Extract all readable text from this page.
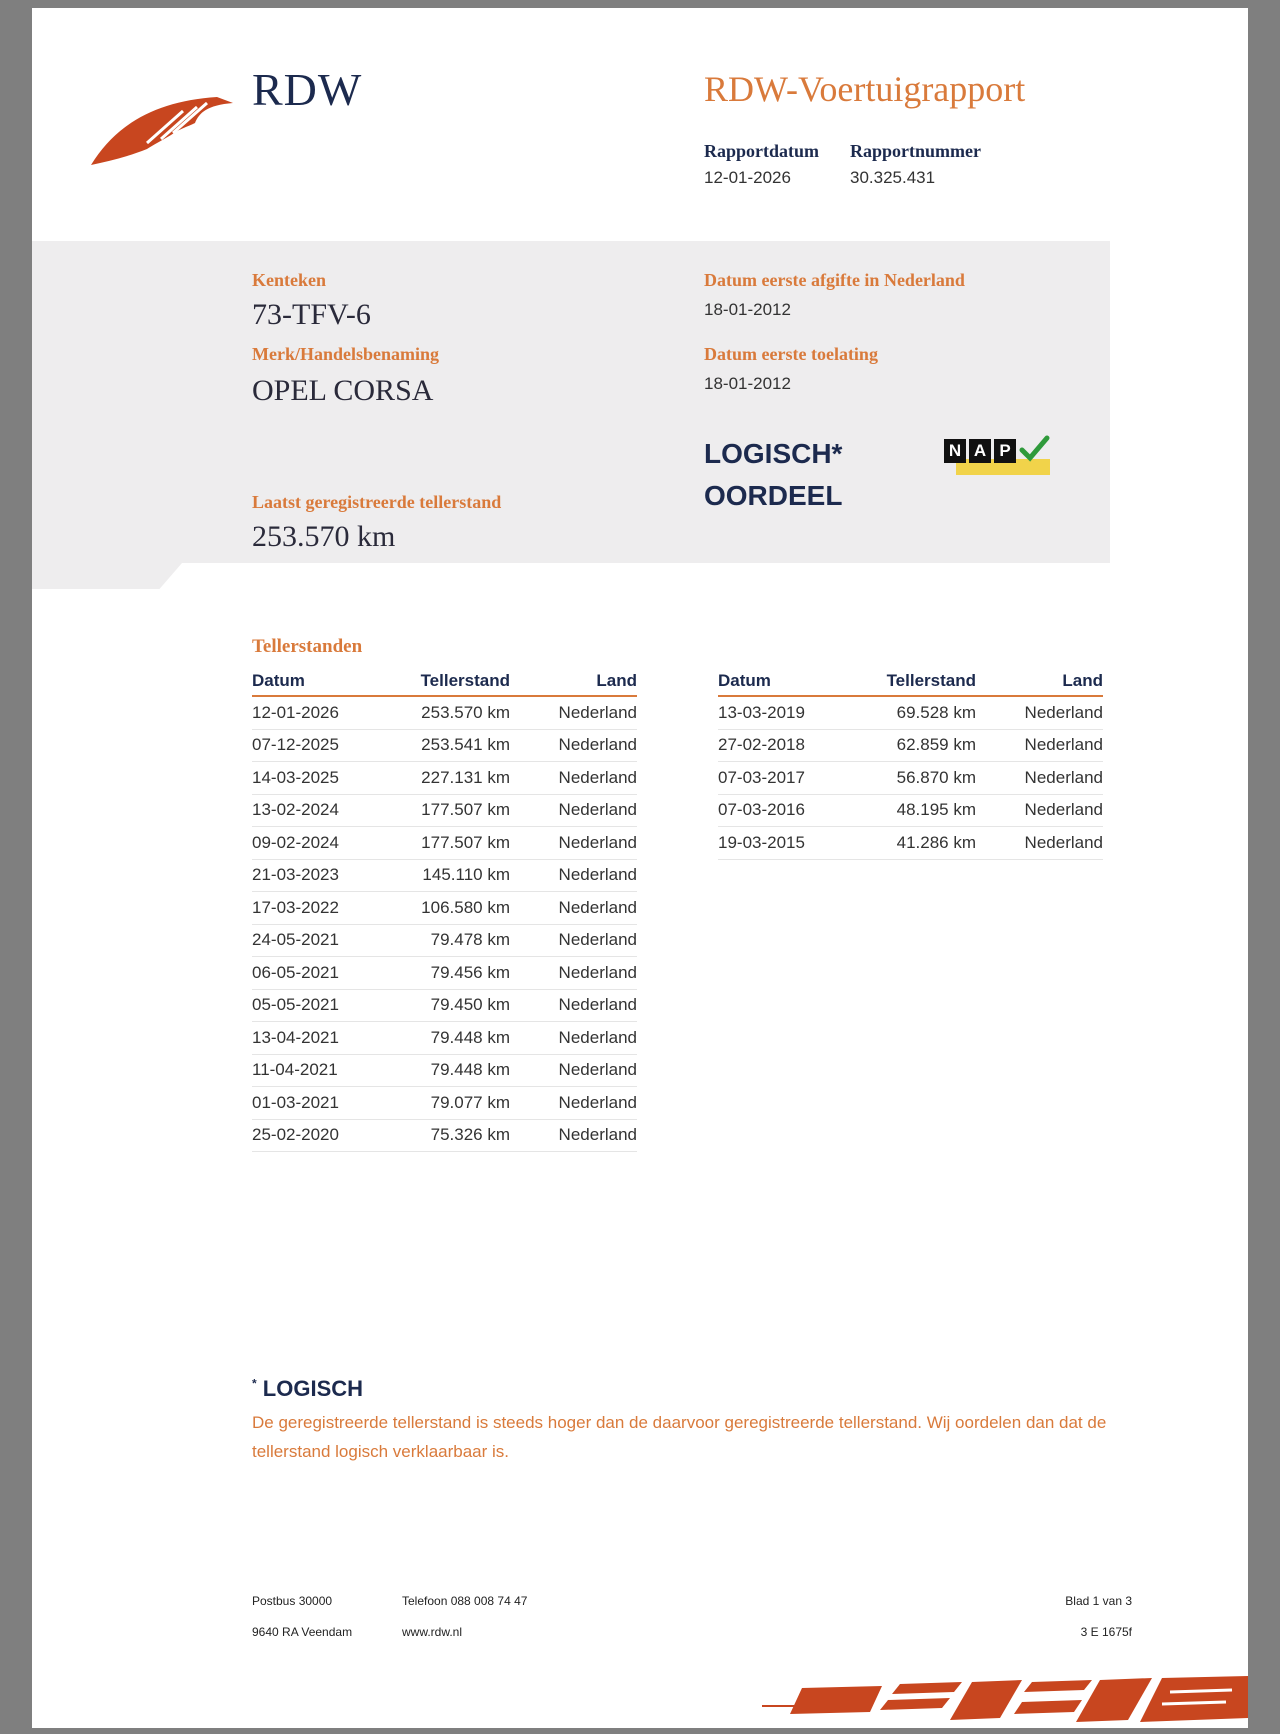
RDW	RDW-Voertuigrapport
Rapportdatum
12-01-2026
Rapportnummer
30.325.431
Kenteken
73-TFV-6
Merk/Handelsbenaming
OPEL CORSA
Laatst geregistreerde tellerstand
253.570 km
Datum eerste afgifte in Nederland
18-01-2012
Datum eerste toelating
18-01-2012
LOGISCH*
OORDEEL
N A P
Tellerstanden
Datum	Tellerstand	Land
12-01-2026	253.570 km	Nederland
07-12-2025	253.541 km	Nederland
14-03-2025	227.131 km	Nederland
13-02-2024	177.507 km	Nederland
09-02-2024	177.507 km	Nederland
21-03-2023	145.110 km	Nederland
17-03-2022	106.580 km	Nederland
24-05-2021	79.478 km	Nederland
06-05-2021	79.456 km	Nederland
05-05-2021	79.450 km	Nederland
13-04-2021	79.448 km	Nederland
11-04-2021	79.448 km	Nederland
01-03-2021	79.077 km	Nederland
25-02-2020	75.326 km	Nederland
Datum	Tellerstand	Land
13-03-2019	69.528 km	Nederland
27-02-2018	62.859 km	Nederland
07-03-2017	56.870 km	Nederland
07-03-2016	48.195 km	Nederland
19-03-2015	41.286 km	Nederland
* LOGISCH
De geregistreerde tellerstand is steeds hoger dan de daarvoor geregistreerde tellerstand. Wij oordelen dan dat de tellerstand logisch verklaarbaar is.
Postbus 30000
9640 RA Veendam
Telefoon 088 008 74 47
www.rdw.nl
Blad 1 van 3
3 E 1675f
